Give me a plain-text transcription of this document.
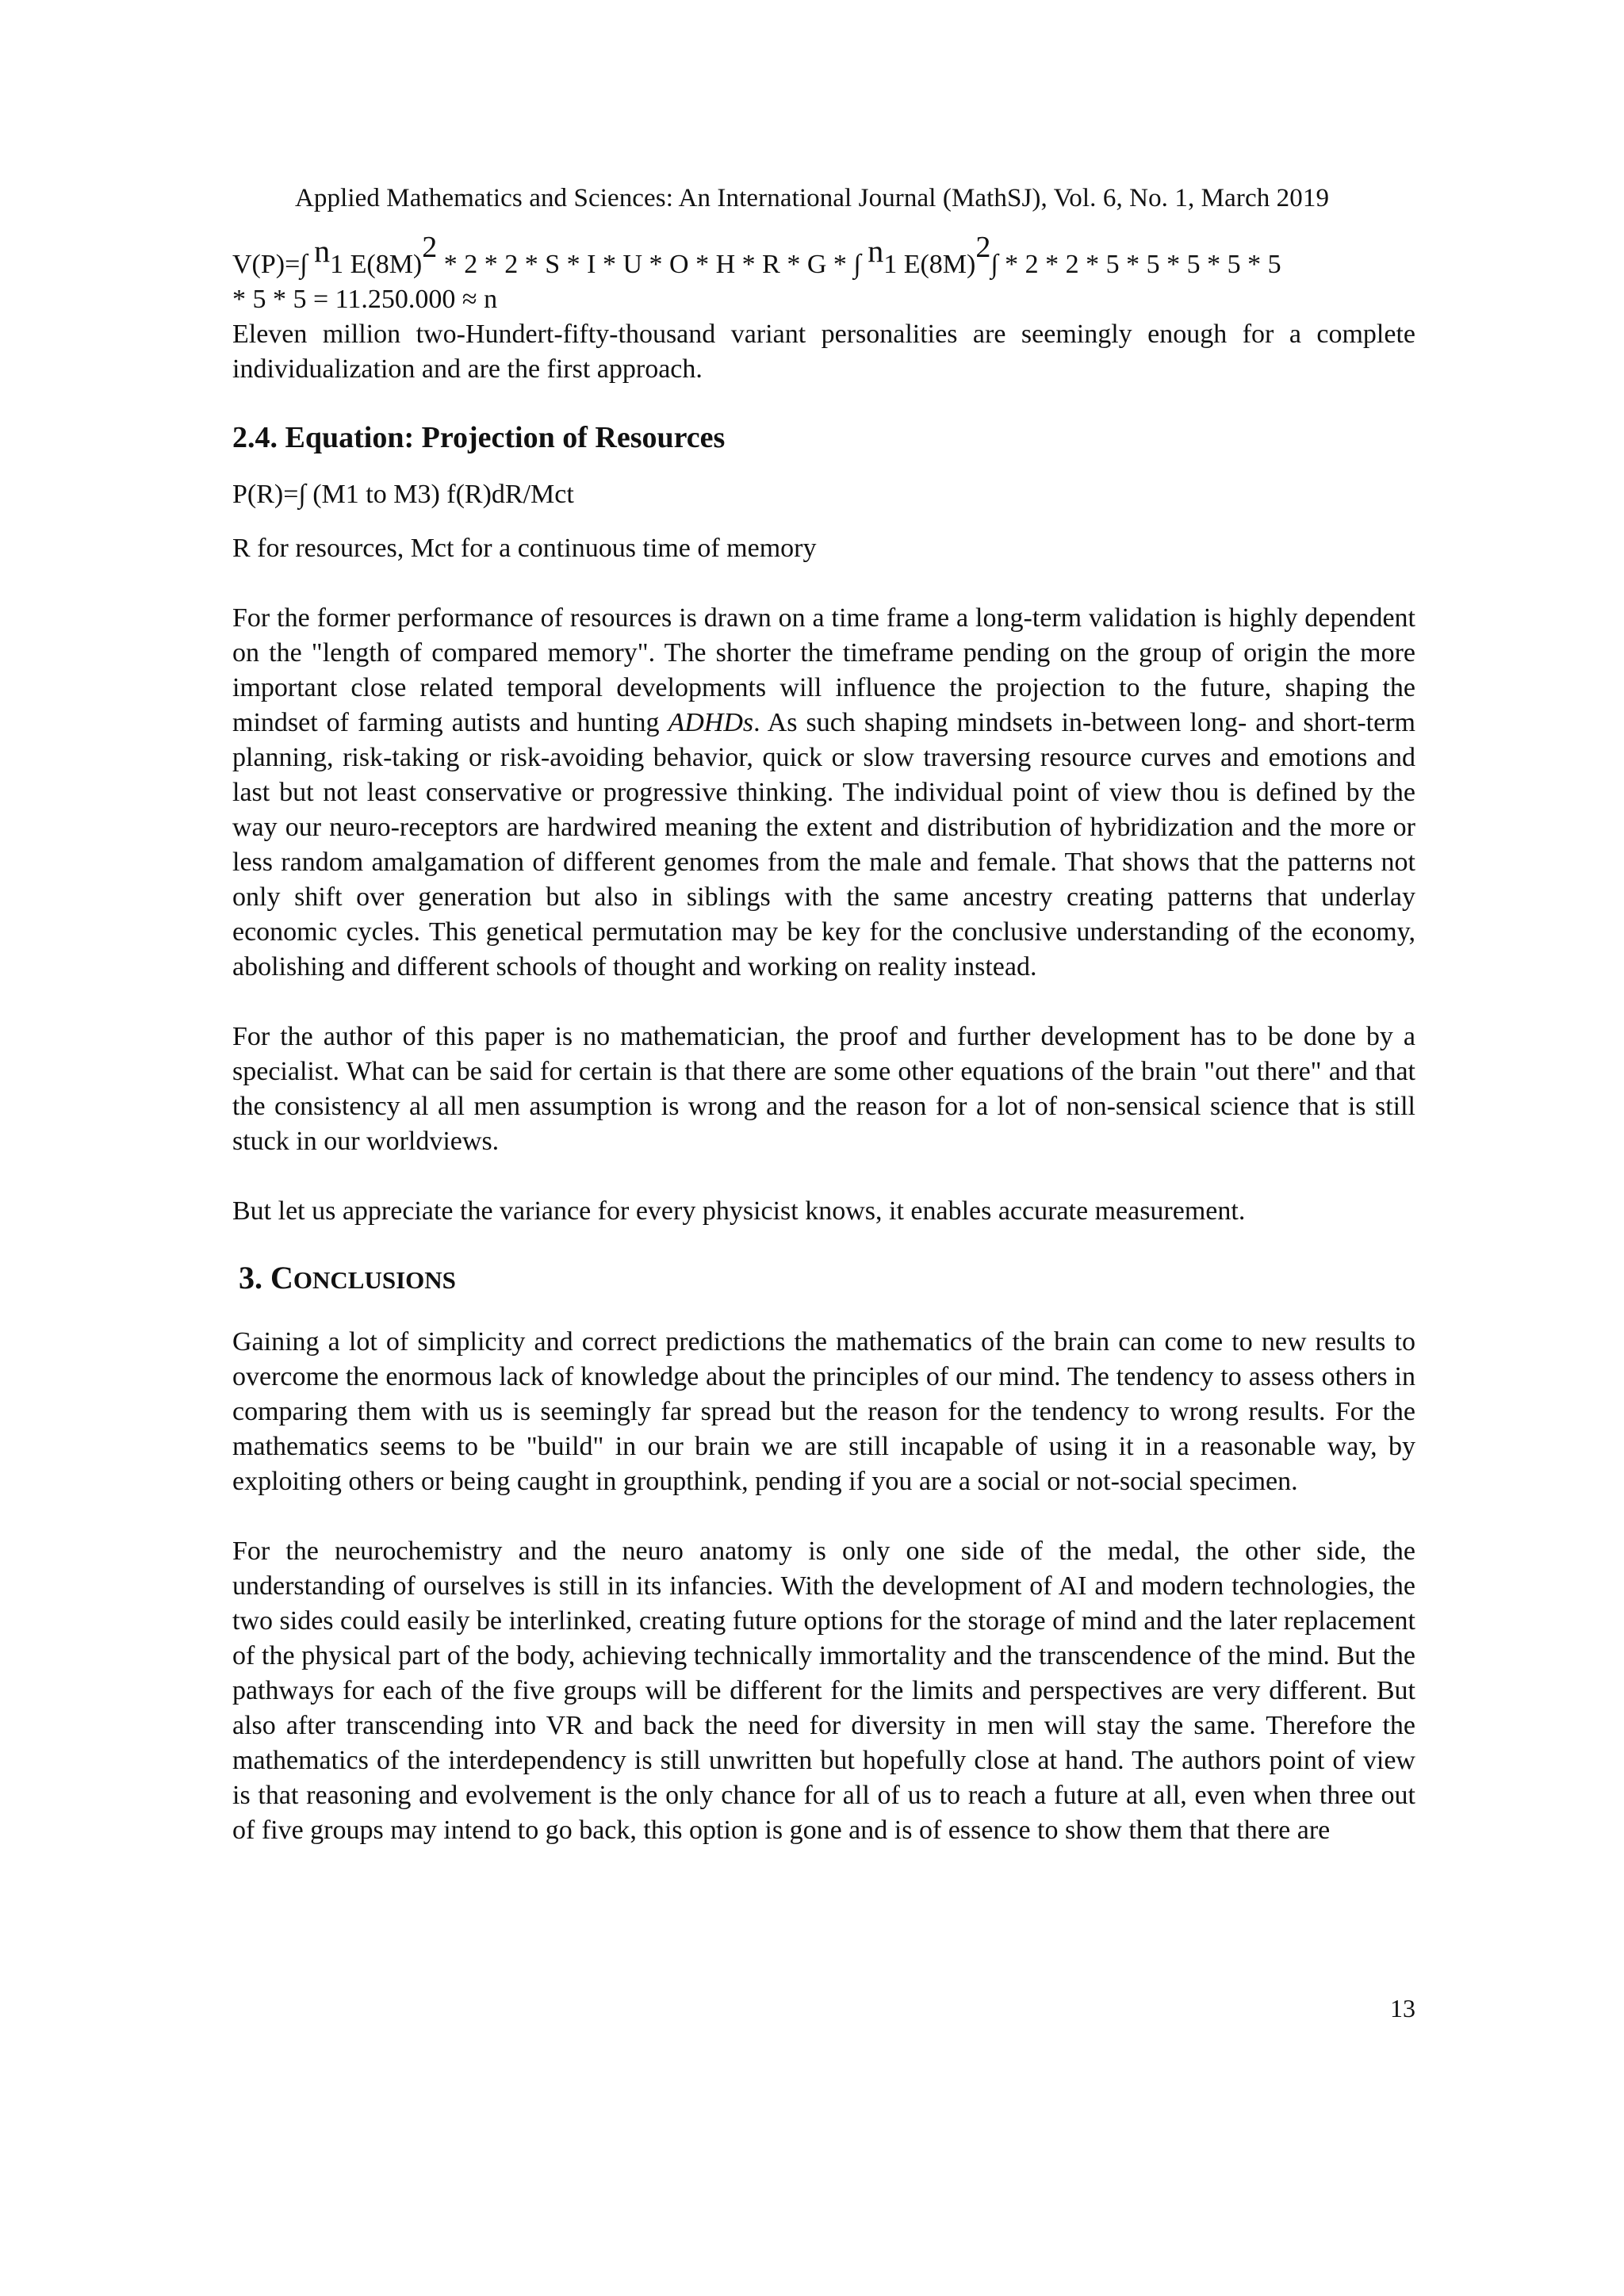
Applied Mathematics and Sciences: An International Journal (MathSJ), Vol. 6, No. 1, March 2019
V(P)=∫ n1 $E(8M)^2 * 2 * 2$ * S * I * U * O * H * R * G * ∫ n1 $E(8M)^2\int * 2 * 2 * 5 * 5 * 5 * 5 * 5$
* 5 * 5 = 11.250.000 ≈ n

Eleven million two-Hundert-fifty-thousand variant personalities are seemingly enough for a complete individualization and are the first approach.

2.4. Equation: Projection of Resources

P(R)=∫ (M1 to M3) f(R)dR/Mct

R for resources, Mct for a continuous time of memory

For the former performance of resources is drawn on a time frame a long-term validation is highly dependent on the "length of compared memory". The shorter the timeframe pending on the group of origin the more important close related temporal developments will influence the projection to the future, shaping the mindset of farming autists and hunting ADHDs. As such shaping mindsets in-between long- and short-term planning, risk-taking or risk-avoiding behavior, quick or slow traversing resource curves and emotions and last but not least conservative or progressive thinking. The individual point of view thou is defined by the way our neuro-receptors are hardwired meaning the extent and distribution of hybridization and the more or less random amalgamation of different genomes from the male and female. That shows that the patterns not only shift over generation but also in siblings with the same ancestry creating patterns that underlay economic cycles. This genetical permutation may be key for the conclusive understanding of the economy, abolishing and different schools of thought and working on reality instead.

For the author of this paper is no mathematician, the proof and further development has to be done by a specialist. What can be said for certain is that there are some other equations of the brain "out there" and that the consistency al all men assumption is wrong and the reason for a lot of non-sensical science that is still stuck in our worldviews.

But let us appreciate the variance for every physicist knows, it enables accurate measurement.

3. CONCLUSIONS

Gaining a lot of simplicity and correct predictions the mathematics of the brain can come to new results to overcome the enormous lack of knowledge about the principles of our mind. The tendency to assess others in comparing them with us is seemingly far spread but the reason for the tendency to wrong results. For the mathematics seems to be "build" in our brain we are still incapable of using it in a reasonable way, by exploiting others or being caught in groupthink, pending if you are a social or not-social specimen.

For the neurochemistry and the neuro anatomy is only one side of the medal, the other side, the understanding of ourselves is still in its infancies. With the development of AI and modern technologies, the two sides could easily be interlinked, creating future options for the storage of mind and the later replacement of the physical part of the body, achieving technically immortality and the transcendence of the mind. But the pathways for each of the five groups will be different for the limits and perspectives are very different. But also after transcending into VR and back the need for diversity in men will stay the same. Therefore the mathematics of the interdependency is still unwritten but hopefully close at hand. The authors point of view is that reasoning and evolvement is the only chance for all of us to reach a future at all, even when three out of five groups may intend to go back, this option is gone and is of essence to show them that there are

13
